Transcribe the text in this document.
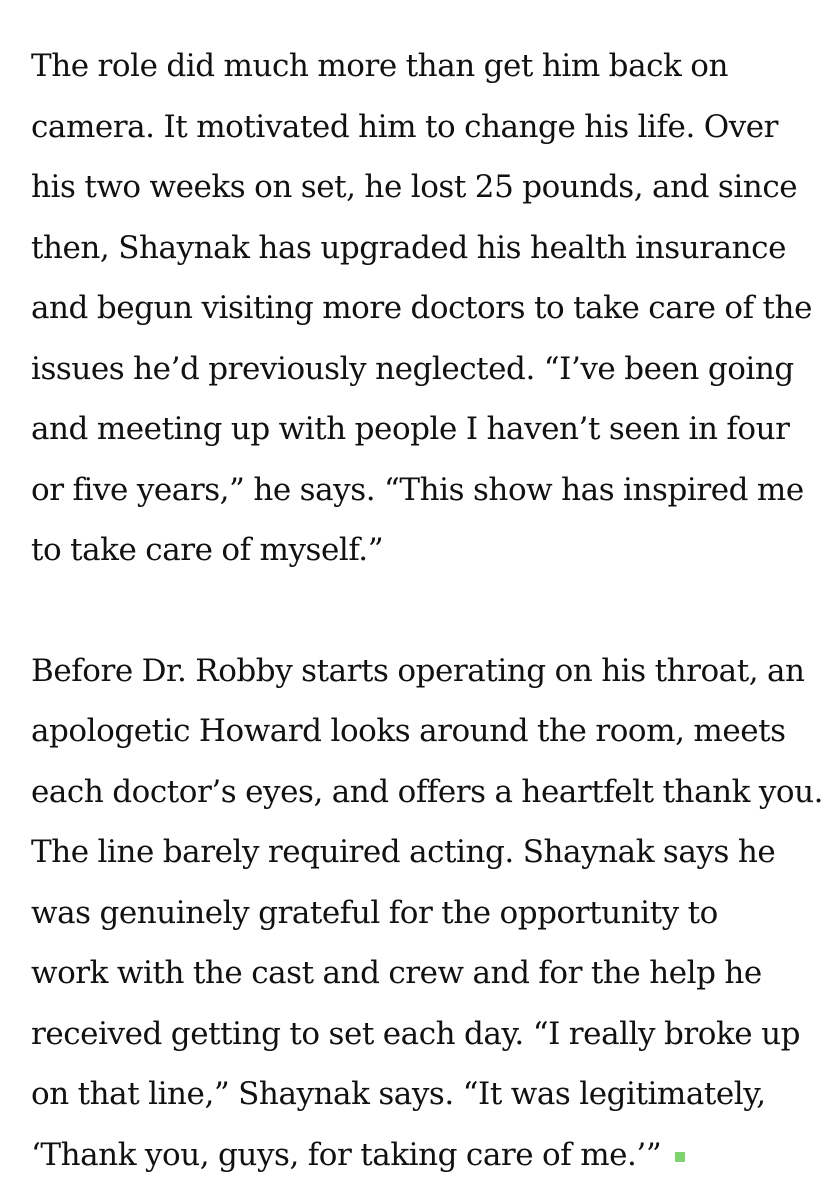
The role did much more than get him back on
camera. It motivated him to change his life. Over
his two weeks on set, he lost 25 pounds, and since
then, Shaynak has upgraded his health insurance
and begun visiting more doctors to take care of the
issues he’d previously neglected. “I’ve been going
and meeting up with people I haven’t seen in four
or five years,” he says. “This show has inspired me
to take care of myself.”

Before Dr. Robby starts operating on his throat, an
apologetic Howard looks around the room, meets
each doctor’s eyes, and offers a heartfelt thank you.
The line barely required acting. Shaynak says he
was genuinely grateful for the opportunity to
work with the cast and crew and for the help he
received getting to set each day. “I really broke up
on that line,” Shaynak says. “It was legitimately,
‘Thank you, guys, for taking care of me.’”
